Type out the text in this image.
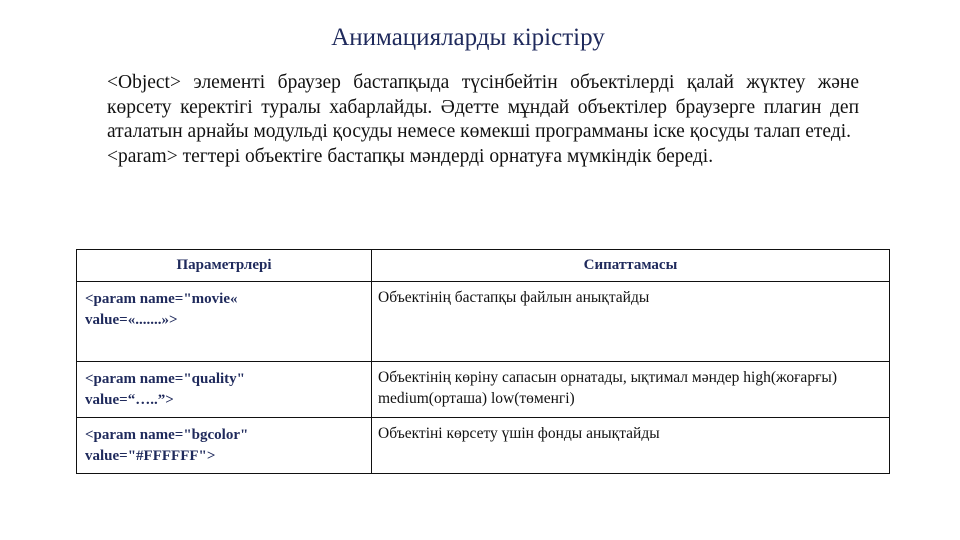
Анимацияларды кірістіру

<Object> элементі браузер бастапқыда түсінбейтін объектілерді қалай жүктеу және көрсету керектігі туралы хабарлайды. Әдетте мұндай объектілер браузерге плагин деп аталатын арнайы модульді қосуды немесе көмекші программаны іске қосуды талап етеді.

<param> тегтері объектіге бастапқы мәндерді орнатуға мүмкіндік береді.

Параметрлері	Сипаттамасы

<param name="movie«
value=«.......»>	Объектінің бастапқы файлын анықтайды

<param name="quality"
value=“…..”>	Объектінің көріну сапасын орнатады, ықтимал мәндер high(жоғарғы) medium(орташа) low(төменгі)

<param name="bgcolor"
value="#FFFFFF">	Объектіні көрсету үшін фонды анықтайды
